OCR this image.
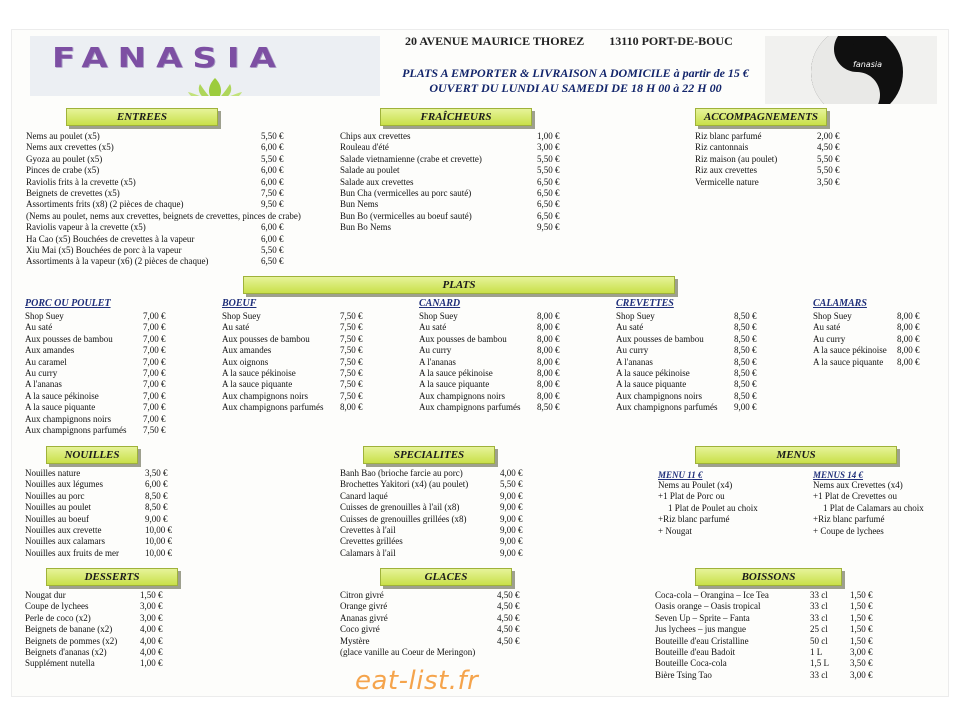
FANASIA
20 AVENUE MAURICE THOREZ 13110 PORT-DE-BOUC
PLATS A EMPORTER & LIVRAISON A DOMICILE à partir de 15 €
OUVERT DU LUNDI AU SAMEDI DE 18 H 00 à 22 H 00
fanasia
ENTREES
Nems au poulet (x5)	5,50 €
Nems aux crevettes (x5)	6,00 €
Gyoza au poulet (x5)	5,50 €
Pinces de crabe (x5)	6,00 €
Raviolis frits à la crevette (x5)	6,00 €
Beignets de crevettes (x5)	7,50 €
Assortiments frits (x8) (2 pièces de chaque)	9,50 €
(Nems au poulet, nems aux crevettes, beignets de crevettes, pinces de crabe)
Raviolis vapeur à la crevette (x5)	6,00 €
Ha Cao (x5) Bouchées de crevettes à la vapeur	6,00 €
Xiu Mai (x5) Bouchées de porc à la vapeur	5,50 €
Assortiments à la vapeur (x6) (2 pièces de chaque)	6,50 €
FRAÎCHEURS
Chips aux crevettes	1,00 €
Rouleau d'été	3,00 €
Salade vietnamienne (crabe et crevette)	5,50 €
Salade au poulet	5,50 €
Salade aux crevettes	6,50 €
Bun Cha (vermicelles au porc sauté)	6,50 €
Bun Nems	6,50 €
Bun Bo (vermicelles au boeuf sauté)	6,50 €
Bun Bo Nems	9,50 €
ACCOMPAGNEMENTS
Riz blanc parfumé	2,00 €
Riz cantonnais	4,50 €
Riz maison (au poulet)	5,50 €
Riz aux crevettes	5,50 €
Vermicelle nature	3,50 €
PLATS
PORC OU POULET
Shop Suey	7,00 €
Au saté	7,00 €
Aux pousses de bambou	7,00 €
Aux amandes	7,00 €
Au caramel	7,00 €
Au curry	7,00 €
A l'ananas	7,00 €
A la sauce pékinoise	7,00 €
A la sauce piquante	7,00 €
Aux champignons noirs	7,00 €
Aux champignons parfumés	7,50 €
BOEUF
Shop Suey	7,50 €
Au saté	7,50 €
Aux pousses de bambou	7,50 €
Aux amandes	7,50 €
Aux oignons	7,50 €
A la sauce pékinoise	7,50 €
A la sauce piquante	7,50 €
Aux champignons noirs	7,50 €
Aux champignons parfumés	8,00 €
CANARD
Shop Suey	8,00 €
Au saté	8,00 €
Aux pousses de bambou	8,00 €
Au curry	8,00 €
A l'ananas	8,00 €
A la sauce pékinoise	8,00 €
A la sauce piquante	8,00 €
Aux champignons noirs	8,00 €
Aux champignons parfumés	8,50 €
CREVETTES
Shop Suey	8,50 €
Au saté	8,50 €
Aux pousses de bambou	8,50 €
Au curry	8,50 €
A l'ananas	8,50 €
A la sauce pékinoise	8,50 €
A la sauce piquante	8,50 €
Aux champignons noirs	8,50 €
Aux champignons parfumés	9,00 €
CALAMARS
Shop Suey	8,00 €
Au saté	8,00 €
Au curry	8,00 €
A la sauce pékinoise	8,00 €
A la sauce piquante	8,00 €
NOUILLES
Nouilles nature	3,50 €
Nouilles aux légumes	6,00 €
Nouilles au porc	8,50 €
Nouilles au poulet	8,50 €
Nouilles au boeuf	9,00 €
Nouilles aux crevette	10,00 €
Nouilles aux calamars	10,00 €
Nouilles aux fruits de mer	10,00 €
SPECIALITES
Banh Bao (brioche farcie au porc)	4,00 €
Brochettes Yakitori (x4) (au poulet)	5,50 €
Canard laqué	9,00 €
Cuisses de grenouilles à l'ail (x8)	9,00 €
Cuisses de grenouilles grillées (x8)	9,00 €
Crevettes à l'ail	9,00 €
Crevettes grillées	9,00 €
Calamars à l'ail	9,00 €
MENUS
MENU 11 €
Nems au Poulet (x4)
+1 Plat de Porc ou
1 Plat de Poulet au choix
+Riz blanc parfumé
+ Nougat
MENUS 14 €
Nems aux Crevettes (x4)
+1 Plat de Crevettes ou
1 Plat de Calamars au choix
+Riz blanc parfumé
+ Coupe de lychees
DESSERTS
Nougat dur	1,50 €
Coupe de lychees	3,00 €
Perle de coco (x2)	3,00 €
Beignets de banane (x2)	4,00 €
Beignets de pommes (x2)	4,00 €
Beignets d'ananas (x2)	4,00 €
Supplément nutella	1,00 €
GLACES
Citron givré	4,50 €
Orange givré	4,50 €
Ananas givré	4,50 €
Coco givré	4,50 €
Mystère	4,50 €
(glace vanille au Coeur de Meringon)
BOISSONS
Coca-cola – Orangina – Ice Tea	33 cl	1,50 €
Oasis orange – Oasis tropical	33 cl	1,50 €
Seven Up – Sprite – Fanta	33 cl	1,50 €
Jus lychees – jus mangue	25 cl	1,50 €
Bouteille d'eau Cristalline	50 cl	1,50 €
Bouteille d'eau Badoit	1 L	3,00 €
Bouteille Coca-cola	1,5 L	3,50 €
Bière Tsing Tao	33 cl	3,00 €
eat-list.fr
